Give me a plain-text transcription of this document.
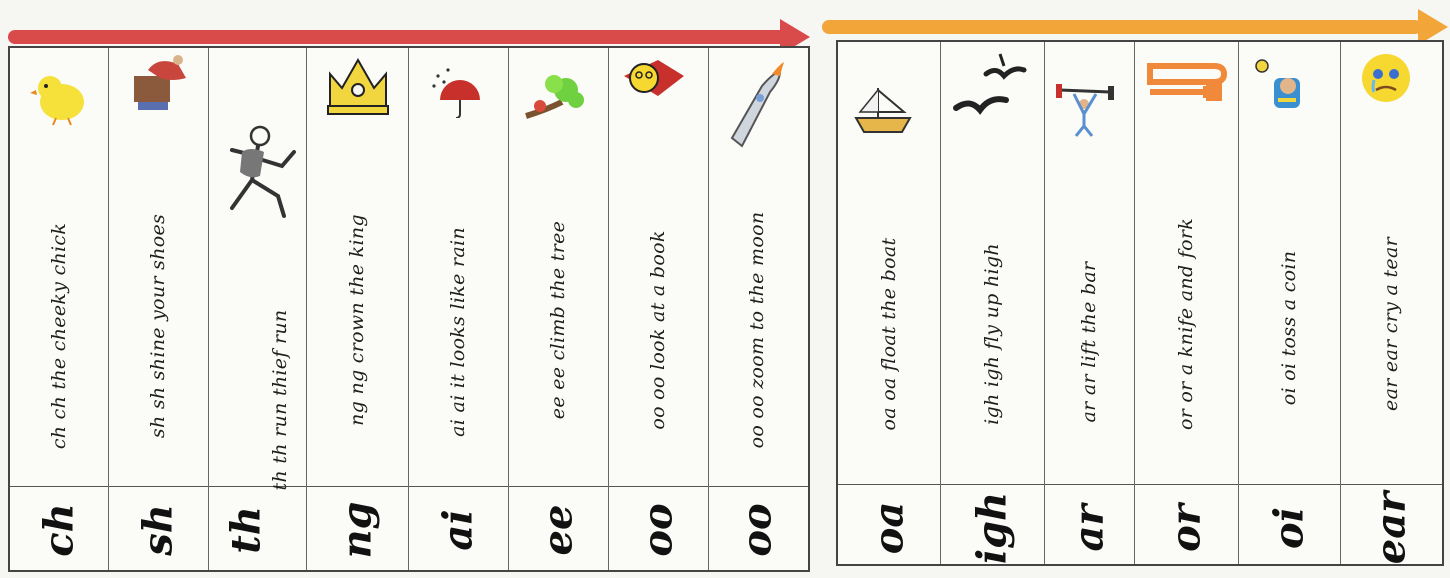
ch ch the cheeky chick
ch
sh sh shine your shoes
sh
th th run thief run
th
ng ng crown the king
ng
ai ai it looks like rain
ai
ee ee climb the tree
ee
oo oo look at a book
oo
oo oo zoom to the moon
oo
oa oa float the boat
oa
igh igh fly up high
igh
ar ar lift the bar
ar
or or a knife and fork
or
oi oi toss a coin
oi
ear ear cry a tear
ear
